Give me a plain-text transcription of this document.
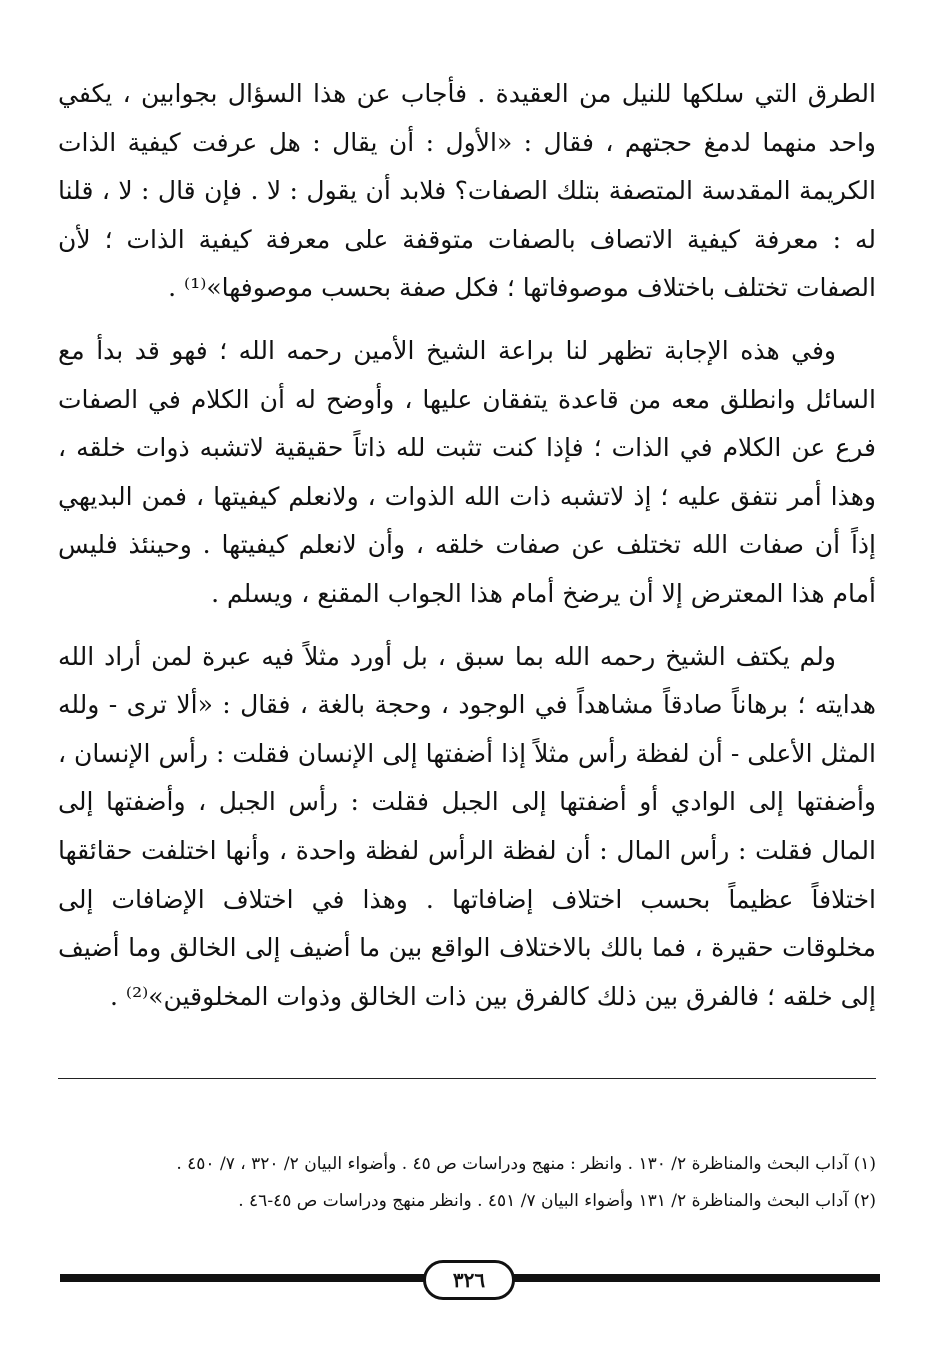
الطرق التي سلكها للنيل من العقيدة . فأجاب عن هذا السؤال بجوابين ، يكفي واحد منهما لدمغ حجتهم ، فقال : «الأول : أن يقال : هل عرفت كيفية الذات الكريمة المقدسة المتصفة بتلك الصفات؟ فلابد أن يقول : لا . فإن قال : لا ، قلنا له : معرفة كيفية الاتصاف بالصفات متوقفة على معرفة كيفية الذات ؛ لأن الصفات تختلف باختلاف موصوفاتها ؛ فكل صفة بحسب موصوفها»⁽¹⁾ .

وفي هذه الإجابة تظهر لنا براعة الشيخ الأمين رحمه الله ؛ فهو قد بدأ مع السائل وانطلق معه من قاعدة يتفقان عليها ، وأوضح له أن الكلام في الصفات فرع عن الكلام في الذات ؛ فإذا كنت تثبت لله ذاتاً حقيقية لاتشبه ذوات خلقه ، وهذا أمر نتفق عليه ؛ إذ لاتشبه ذات الله الذوات ، ولانعلم كيفيتها ، فمن البديهي إذاً أن صفات الله تختلف عن صفات خلقه ، وأن لانعلم كيفيتها . وحينئذ فليس أمام هذا المعترض إلا أن يرضخ أمام هذا الجواب المقنع ، ويسلم .

ولم يكتف الشيخ رحمه الله بما سبق ، بل أورد مثلاً فيه عبرة لمن أراد الله هدايته ؛ برهاناً صادقاً مشاهداً في الوجود ، وحجة بالغة ، فقال : «ألا ترى - ولله المثل الأعلى - أن لفظة رأس مثلاً إذا أضفتها إلى الإنسان فقلت : رأس الإنسان ، وأضفتها إلى الوادي أو أضفتها إلى الجبل فقلت : رأس الجبل ، وأضفتها إلى المال فقلت : رأس المال : أن لفظة الرأس لفظة واحدة ، وأنها اختلفت حقائقها اختلافاً عظيماً بحسب اختلاف إضافاتها . وهذا في اختلاف الإضافات إلى مخلوقات حقيرة ، فما بالك بالاختلاف الواقع بين ما أضيف إلى الخالق وما أضيف إلى خلقه ؛ فالفرق بين ذلك كالفرق بين ذات الخالق وذوات المخلوقين»⁽²⁾ .

(١) آداب البحث والمناظرة ٢/ ١٣٠ . وانظر : منهج ودراسات ص ٤٥ . وأضواء البيان ٢/ ٣٢٠ ، ٧/ ٤٥٠ .

(٢) آداب البحث والمناظرة ٢/ ١٣١ وأضواء البيان ٧/ ٤٥١ . وانظر منهج ودراسات ص ٤٥-٤٦ .

٣٢٦
